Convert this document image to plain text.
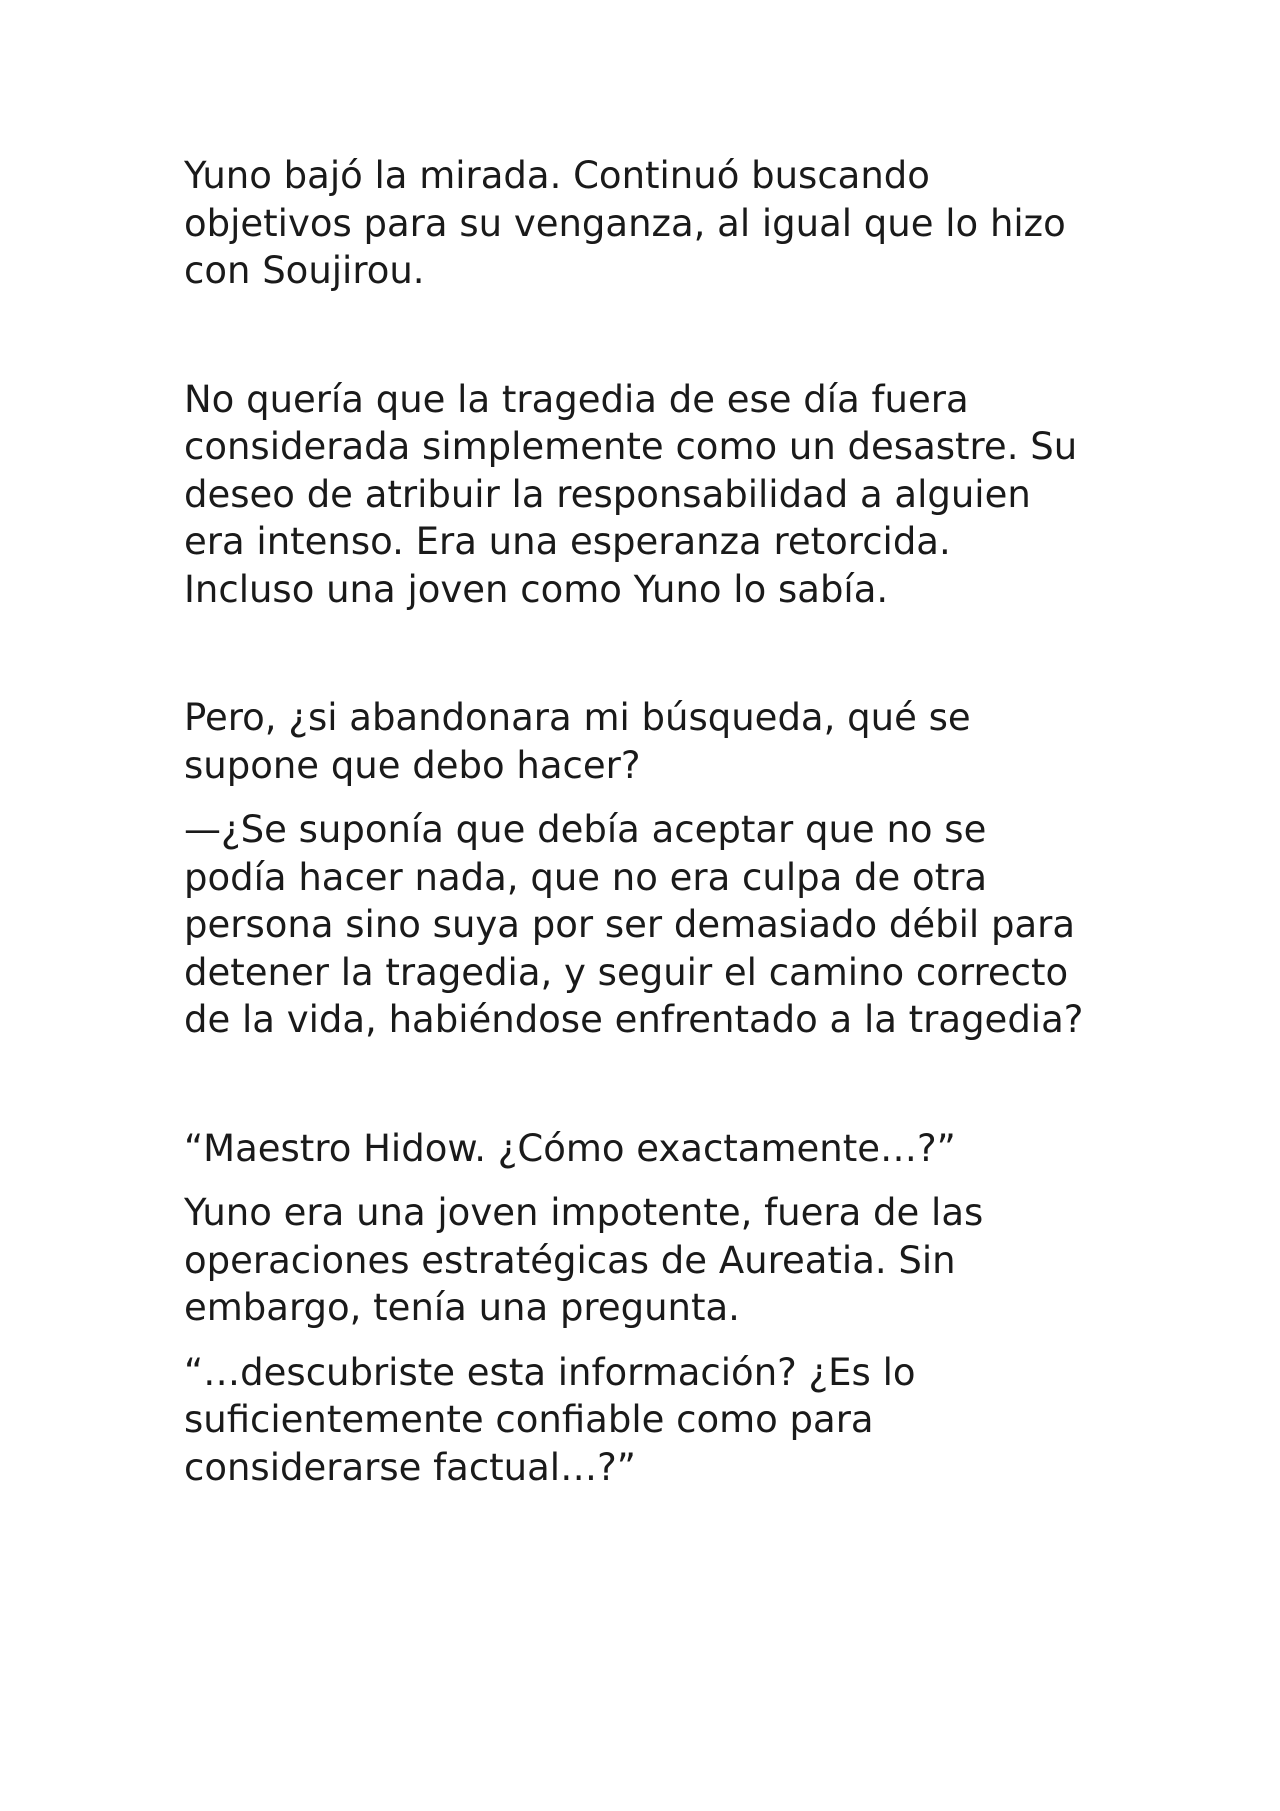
Yuno bajó la mirada. Continuó buscando objetivos para su venganza, al igual que lo hizo con Soujirou.

No quería que la tragedia de ese día fuera considerada simplemente como un desastre. Su deseo de atribuir la responsabilidad a alguien era intenso. Era una esperanza retorcida. Incluso una joven como Yuno lo sabía.

Pero, ¿si abandonara mi búsqueda, qué se supone que debo hacer?

—¿Se suponía que debía aceptar que no se podía hacer nada, que no era culpa de otra persona sino suya por ser demasiado débil para detener la tragedia, y seguir el camino correcto de la vida, habiéndose enfrentado a la tragedia?

“Maestro Hidow. ¿Cómo exactamente…?”

Yuno era una joven impotente, fuera de las operaciones estratégicas de Aureatia. Sin embargo, tenía una pregunta.

“…descubriste esta información? ¿Es lo suficientemente confiable como para considerarse factual…?”
